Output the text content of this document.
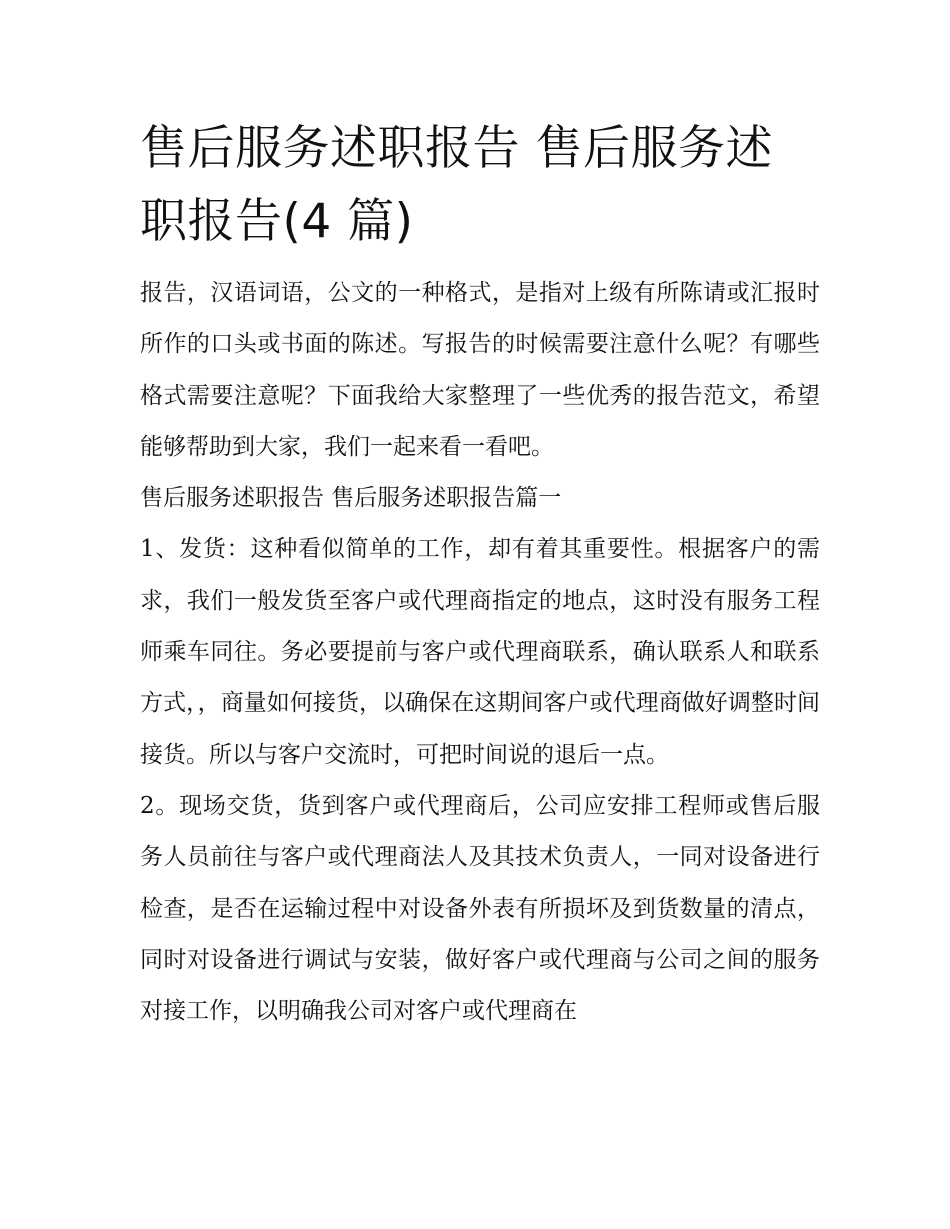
售后服务述职报告 售后服务述职报告(4 篇)

报告，汉语词语，公文的一种格式，是指对上级有所陈请或汇报时所作的口头或书面的陈述。写报告的时候需要注意什么呢？有哪些格式需要注意呢？下面我给大家整理了一些优秀的报告范文，希望能够帮助到大家，我们一起来看一看吧。

售后服务述职报告 售后服务述职报告篇一

1、发货：这种看似简单的工作，却有着其重要性。根据客户的需求，我们一般发货至客户或代理商指定的地点，这时没有服务工程师乘车同往。务必要提前与客户或代理商联系，确认联系人和联系方式，，商量如何接货，以确保在这期间客户或代理商做好调整时间接货。所以与客户交流时，可把时间说的退后一点。

2。现场交货，货到客户或代理商后，公司应安排工程师或售后服务人员前往与客户或代理商法人及其技术负责人，一同对设备进行检查，是否在运输过程中对设备外表有所损坏及到货数量的清点，同时对设备进行调试与安装，做好客户或代理商与公司之间的服务对接工作，以明确我公司对客户或代理商在
